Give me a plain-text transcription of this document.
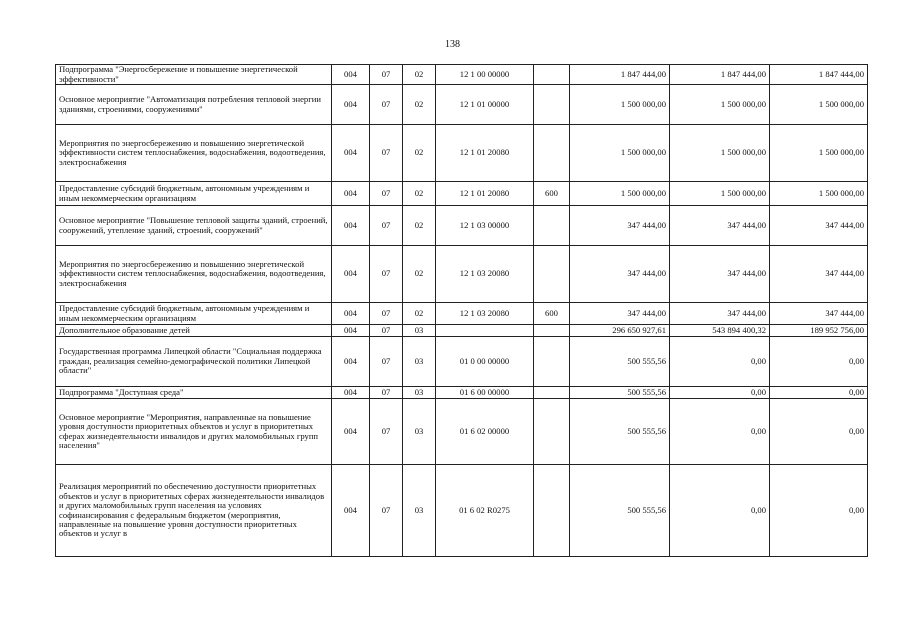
138
Подпрограмма "Энергосбережение и повышение энергетической эффективности"	004	07	02	12 1 00 00000		1 847 444,00	1 847 444,00	1 847 444,00
Основное мероприятие "Автоматизация потребления тепловой энергии зданиями, строениями, сооружениями"	004	07	02	12 1 01 00000		1 500 000,00	1 500 000,00	1 500 000,00
Мероприятия по энергосбережению и повышению энергетической эффективности систем теплоснабжения, водоснабжения, водоотведения, электроснабжения	004	07	02	12 1 01 20080		1 500 000,00	1 500 000,00	1 500 000,00
Предоставление субсидий бюджетным, автономным учреждениям и иным некоммерческим организациям	004	07	02	12 1 01 20080	600	1 500 000,00	1 500 000,00	1 500 000,00
Основное мероприятие "Повышение тепловой защиты зданий, строений, сооружений, утепление зданий, строений, сооружений"	004	07	02	12 1 03 00000		347 444,00	347 444,00	347 444,00
Мероприятия по энергосбережению и повышению энергетической эффективности систем теплоснабжения, водоснабжения, водоотведения, электроснабжения	004	07	02	12 1 03 20080		347 444,00	347 444,00	347 444,00
Предоставление субсидий бюджетным, автономным учреждениям и иным некоммерческим организациям	004	07	02	12 1 03 20080	600	347 444,00	347 444,00	347 444,00
Дополнительное образование детей	004	07	03			296 650 927,61	543 894 400,32	189 952 756,00
Государственная программа Липецкой области "Социальная поддержка граждан, реализация семейно-демографической политики Липецкой области"	004	07	03	01 0 00 00000		500 555,56	0,00	0,00
Подпрограмма "Доступная среда"	004	07	03	01 6 00 00000		500 555,56	0,00	0,00
Основное мероприятие "Мероприятия, направленные на повышение уровня доступности приоритетных объектов и услуг в приоритетных сферах жизнедеятельности инвалидов и других маломобильных групп населения"	004	07	03	01 6 02 00000		500 555,56	0,00	0,00
Реализация мероприятий по обеспечению доступности приоритетных объектов и услуг в приоритетных сферах жизнедеятельности инвалидов и других маломобильных групп населения на условиях софинансирования с федеральным бюджетом (мероприятия, направленные на повышение уровня доступности приоритетных объектов и услуг в	004	07	03	01 6 02 R0275		500 555,56	0,00	0,00
